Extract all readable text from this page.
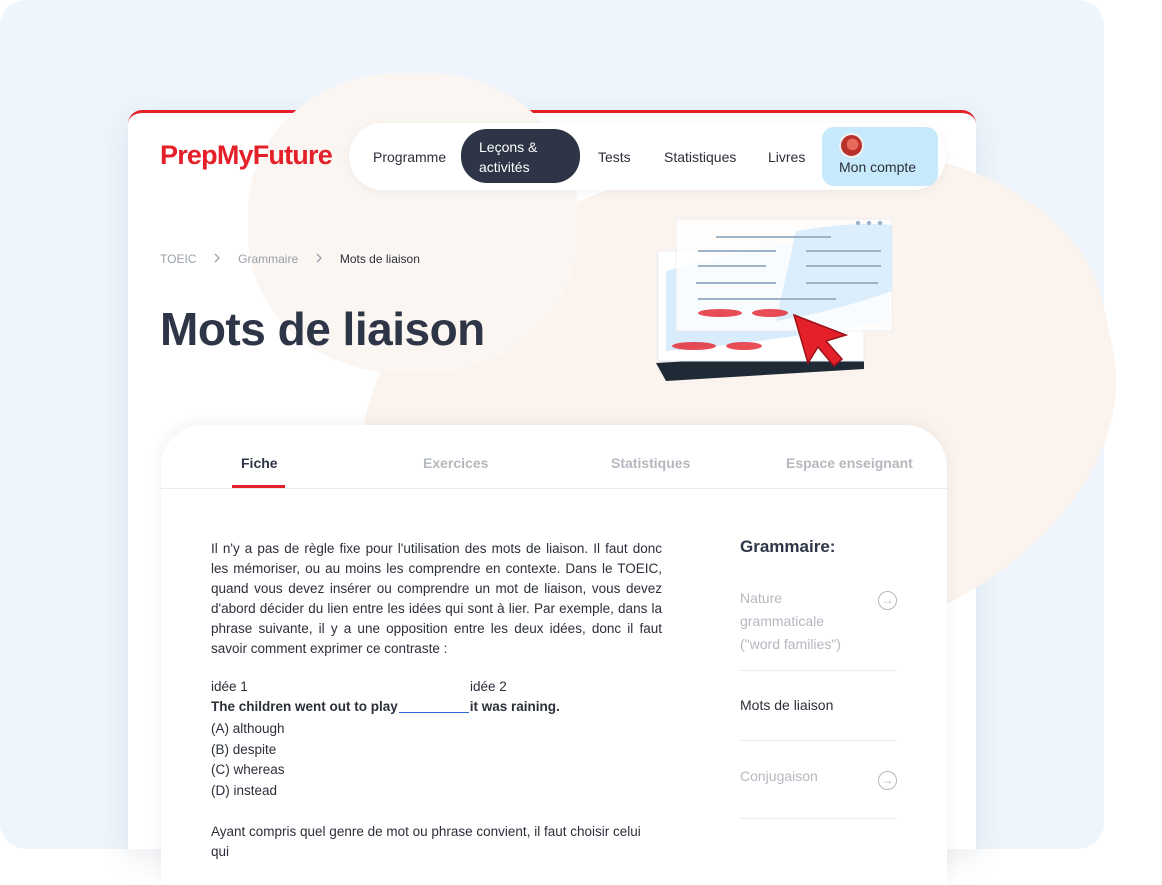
PrepMyFuture	Programme
Leçons &
activités
Tests Statistiques Livres
Mon compte
TOEIC	Grammaire	Mots de liaison
Mots de liaison
Fiche	Exercices	Statistiques	Espace enseignant

Il n'y a pas de règle fixe pour l'utilisation des mots de liaison. Il faut donc les mémoriser, ou au moins les comprendre en contexte. Dans le TOEIC, quand vous devez insérer ou comprendre un mot de liaison, vous devez d'abord décider du lien entre les idées qui sont à lier. Par exemple, dans la phrase suivante, il y a une opposition entre les deux idées, donc il faut savoir comment exprimer ce contraste :

idée 1	idée 2
The children went out to play	it was raining.

(A) although

(B) despite

(C) whereas

(D) instead

Ayant compris quel genre de mot ou phrase convient, il faut choisir celui qui

Grammaire:
Nature
grammaticale
("word families")
→
Mots de liaison
Conjugaison	→
